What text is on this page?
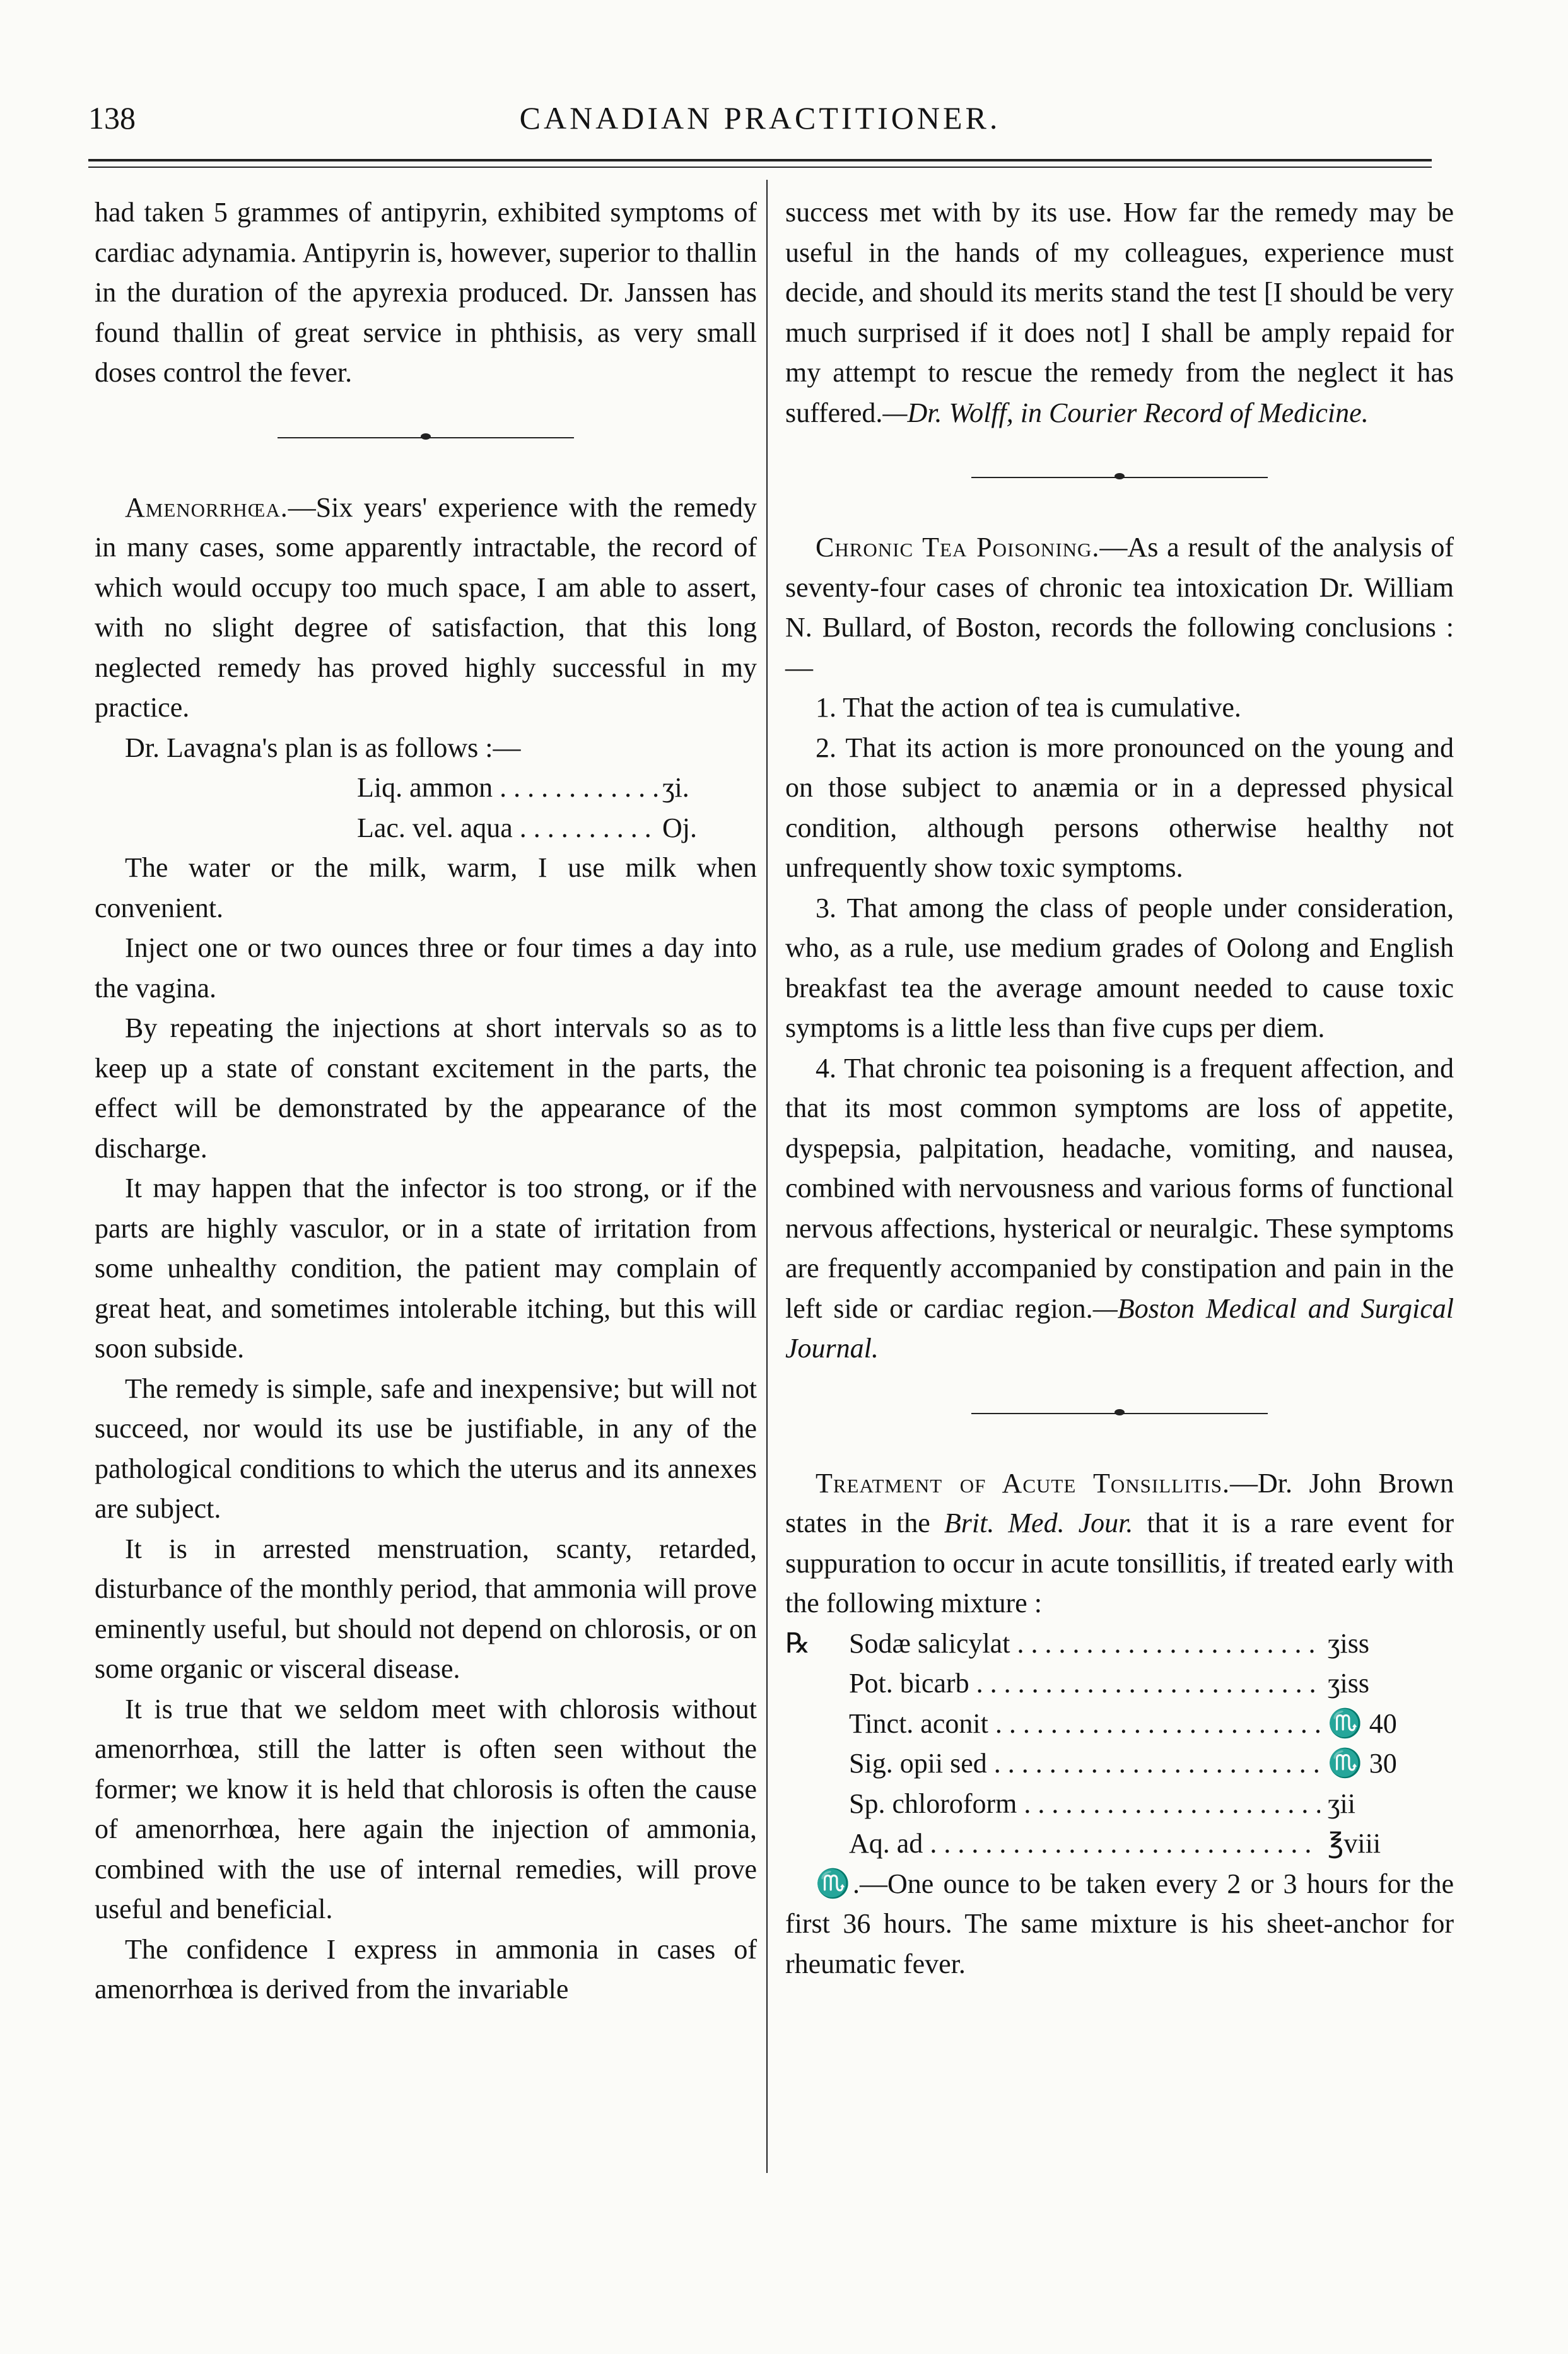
138	CANADIAN PRACTITIONER.

had taken 5 grammes of antipyrin, exhibited symptoms of cardiac adynamia. Antipyrin is, however, superior to thallin in the duration of the apyrexia produced. Dr. Janssen has found thallin of great service in phthisis, as very small doses control the fever.

Amenorrhœa.—Six years' experience with the remedy in many cases, some apparently intractable, the record of which would occupy too much space, I am able to assert, with no slight degree of satisfaction, that this long neglected remedy has proved highly successful in my practice.

Dr. Lavagna's plan is as follows :—

Liq. ammon . . .	ʒi.
Lac. vel. aqua . . .	Oj.

The water or the milk, warm, I use milk when convenient.

Inject one or two ounces three or four times a day into the vagina.

By repeating the injections at short intervals so as to keep up a state of constant excitement in the parts, the effect will be demonstrated by the appearance of the discharge.

It may happen that the infector is too strong, or if the parts are highly vasculor, or in a state of irritation from some unhealthy condition, the patient may complain of great heat, and sometimes intolerable itching, but this will soon subside.

The remedy is simple, safe and inexpensive; but will not succeed, nor would its use be justifiable, in any of the pathological conditions to which the uterus and its annexes are subject.

It is in arrested menstruation, scanty, retarded, disturbance of the monthly period, that ammonia will prove eminently useful, but should not depend on chlorosis, or on some organic or visceral disease.

It is true that we seldom meet with chlorosis without amenorrhœa, still the latter is often seen without the former; we know it is held that chlorosis is often the cause of amenorrhœa, here again the injection of ammonia, combined with the use of internal remedies, will prove useful and beneficial.

The confidence I express in ammonia in cases of amenorrhœa is derived from the invariable

success met with by its use. How far the remedy may be useful in the hands of my colleagues, experience must decide, and should its merits stand the test [I should be very much surprised if it does not] I shall be amply repaid for my attempt to rescue the remedy from the neglect it has suffered.—Dr. Wolff, in Courier Record of Medicine.

Chronic Tea Poisoning.—As a result of the analysis of seventy-four cases of chronic tea intoxication Dr. William N. Bullard, of Boston, records the following conclusions :—

1. That the action of tea is cumulative.

2. That its action is more pronounced on the young and on those subject to anæmia or in a depressed physical condition, although persons otherwise healthy not unfrequently show toxic symptoms.

3. That among the class of people under consideration, who, as a rule, use medium grades of Oolong and English breakfast tea the average amount needed to cause toxic symptoms is a little less than five cups per diem.

4. That chronic tea poisoning is a frequent affection, and that its most common symptoms are loss of appetite, dyspepsia, palpitation, headache, vomiting, and nausea, combined with nervousness and various forms of functional nervous affections, hysterical or neuralgic. These symptoms are frequently accompanied by constipation and pain in the left side or cardiac region.—Boston Medical and Surgical Journal.

Treatment of Acute Tonsillitis.—Dr. John Brown states in the Brit. Med. Jour. that it is a rare event for suppuration to occur in acute tonsillitis, if treated early with the following mixture :

℞	Sodæ salicylat . . .	ʒiss
Pot. bicarb . . .	ʒiss
Tinct. aconit . . .	♏ 40
Sig. opii sed . . .	♏ 30
Sp. chloroform . . .	ʒii
Aq. ad . . .	℥viii

♏.—One ounce to be taken every 2 or 3 hours for the first 36 hours. The same mixture is his sheet-anchor for rheumatic fever.
